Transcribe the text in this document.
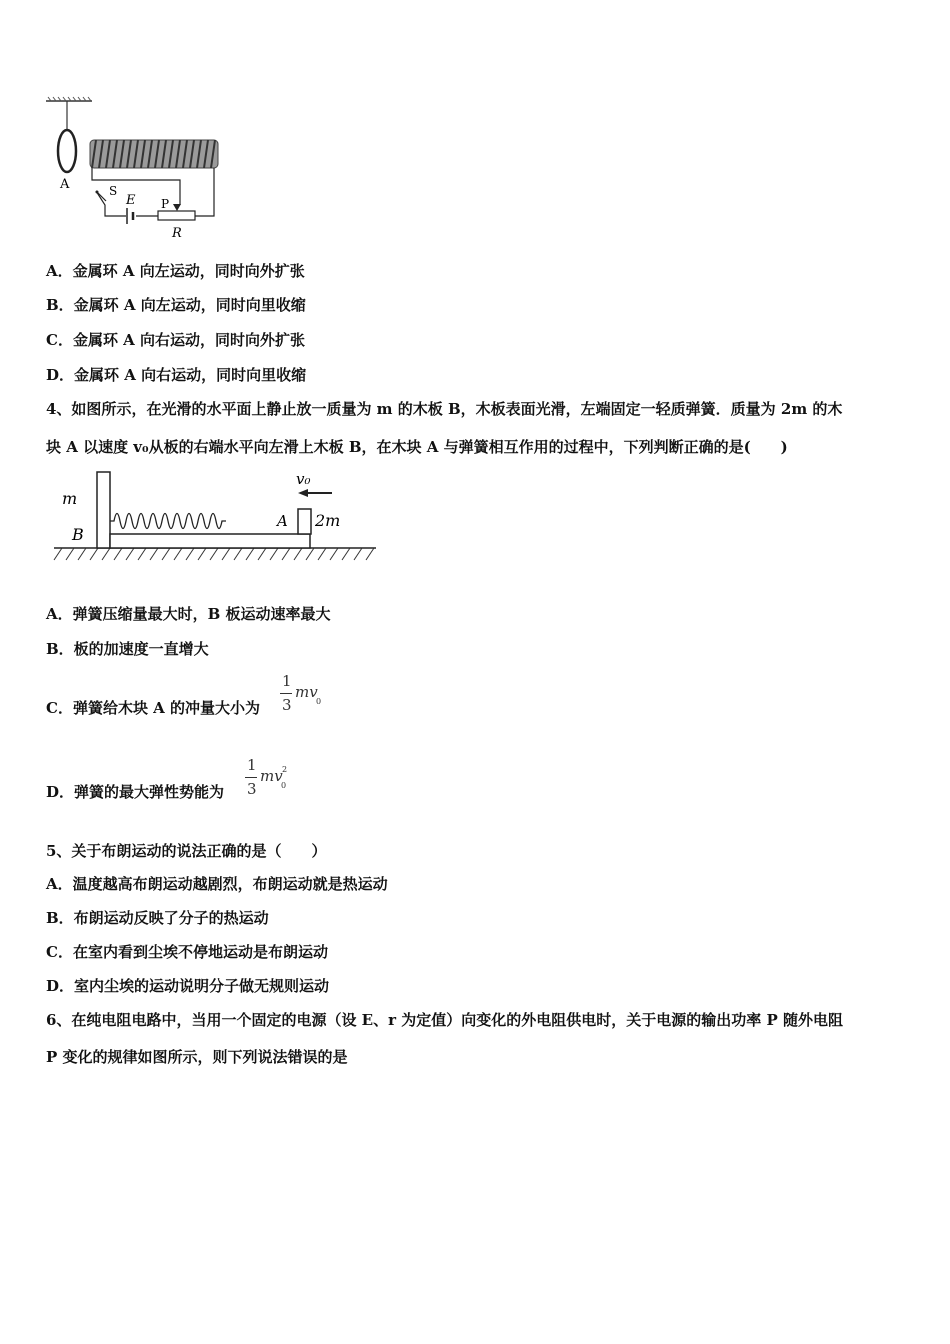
A	S
E P
R
A．金属环 A 向左运动，同时向外扩张
B．金属环 A 向左运动，同时向里收缩
C．金属环 A 向右运动，同时向外扩张
D．金属环 A 向右运动，同时向里收缩
4、如图所示，在光滑的水平面上静止放一质量为 m 的木板 B，木板表面光滑，左端固定一轻质弹簧．质量为 2m 的木
块 A 以速度 v₀从板的右端水平向左滑上木板 B，在木块 A 与弹簧相互作用的过程中，下列判断正确的是(　　)
m
B
A 2m
v₀
A．弹簧压缩量最大时，B 板运动速率最大
B．板的加速度一直增大
C．弹簧给木块 A 的冲量大小为
1
3
mv
0
D．弹簧的最大弹性势能为
1
3
mv
0
2
5、关于布朗运动的说法正确的是（　　）
A．温度越高布朗运动越剧烈，布朗运动就是热运动
B．布朗运动反映了分子的热运动
C．在室内看到尘埃不停地运动是布朗运动
D．室内尘埃的运动说明分子做无规则运动
6、在纯电阻电路中，当用一个固定的电源（设 E、r 为定值）向变化的外电阻供电时，关于电源的输出功率 P 随外电阻
P 变化的规律如图所示，则下列说法错误的是
